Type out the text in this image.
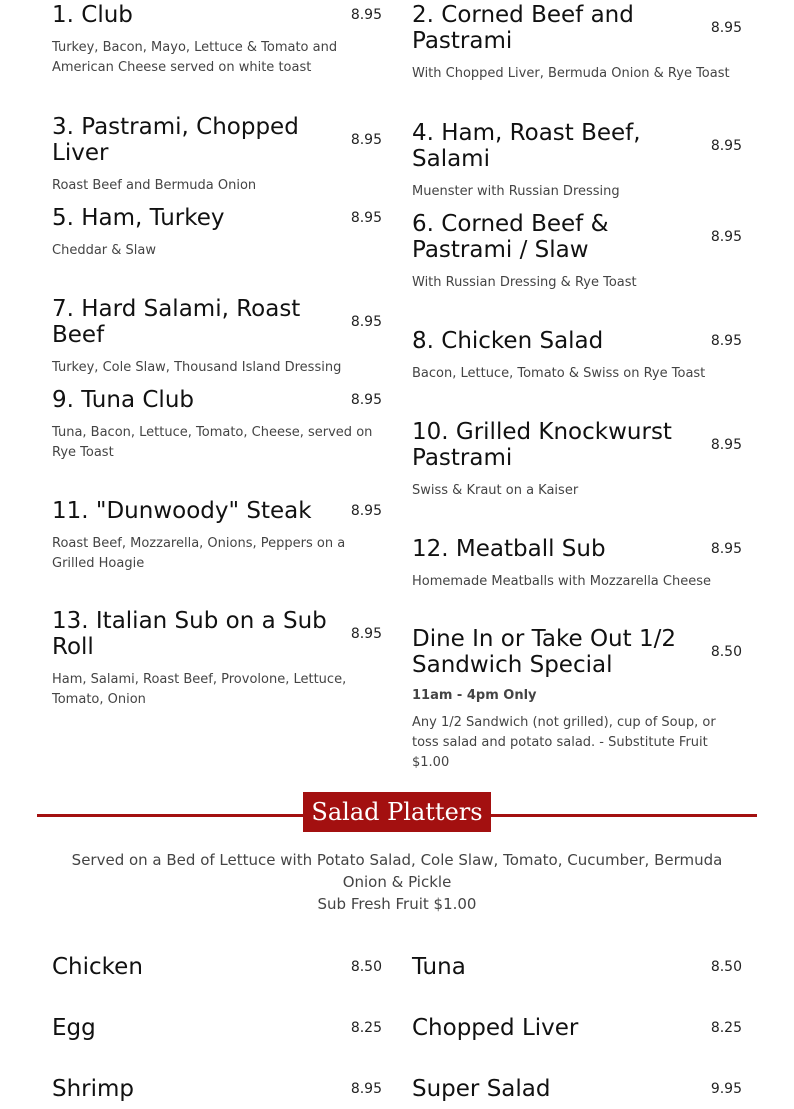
1. Club	8.95
Turkey, Bacon, Mayo, Lettuce & Tomato and American Cheese served on white toast
3. Pastrami, Chopped Liver	8.95
Roast Beef and Bermuda Onion
5. Ham, Turkey	8.95
Cheddar & Slaw
7. Hard Salami, Roast Beef	8.95
Turkey, Cole Slaw, Thousand Island Dressing
9. Tuna Club	8.95
Tuna, Bacon, Lettuce, Tomato, Cheese, served on Rye Toast
11. "Dunwoody" Steak	8.95
Roast Beef, Mozzarella, Onions, Peppers on a Grilled Hoagie
13. Italian Sub on a Sub Roll	8.95
Ham, Salami, Roast Beef, Provolone, Lettuce, Tomato, Onion
2. Corned Beef and Pastrami	8.95
With Chopped Liver, Bermuda Onion & Rye Toast
4. Ham, Roast Beef, Salami	8.95
Muenster with Russian Dressing
6. Corned Beef & Pastrami / Slaw	8.95
With Russian Dressing & Rye Toast
8. Chicken Salad	8.95
Bacon, Lettuce, Tomato & Swiss on Rye Toast
10. Grilled Knockwurst Pastrami	8.95
Swiss & Kraut on a Kaiser
12. Meatball Sub	8.95
Homemade Meatballs with Mozzarella Cheese
Dine In or Take Out 1/2 Sandwich Special	8.50
11am - 4pm Only
Any 1/2 Sandwich (not grilled), cup of Soup, or toss salad and potato salad. - Substitute Fruit $1.00
Salad Platters
Served on a Bed of Lettuce with Potato Salad, Cole Slaw, Tomato, Cucumber, Bermuda Onion & Pickle
Sub Fresh Fruit $1.00
Chicken	8.50
Egg	8.25
Shrimp	8.95
Tuna	8.50
Chopped Liver	8.25
Super Salad	9.95
